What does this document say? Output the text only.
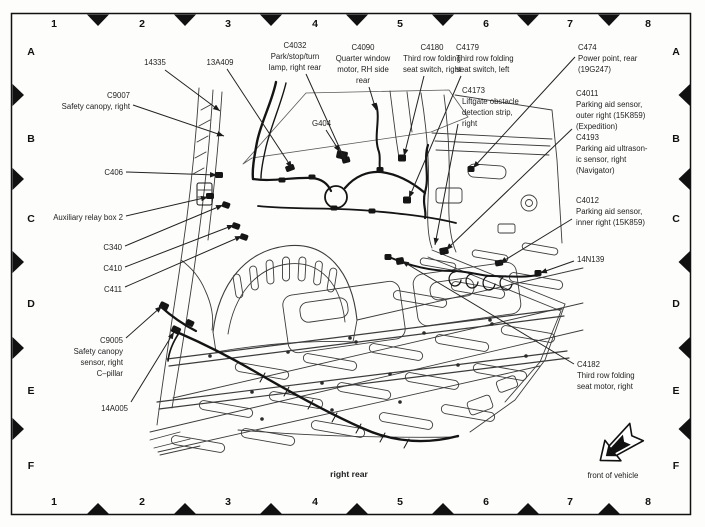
1
1
2
2
3
3
4
4
5
5
6
6
7
7
8
8
A	A
B	B
C	C
D	D
E	E
F	F
14335	13A409
C4032
Park/stop/turn
lamp, right rear
C4090
Quarter window
motor, RH side
rear
C4180
Third row folding
seat switch, right
C4179
Third row folding
seat switch, left
C4173
Liftgate obstacle
detection strip,
right
C474
Power point, rear
(19G247)
C4011
Parking aid sensor,
outer right (15K859)
(Expedition)
C4193
Parking aid ultrason-
ic sensor, right
(Navigator)
C4012
Parking aid sensor,
inner right (15K859)
14N139
C4182
Third row folding
seat motor, right
C9007
Safety canopy, right
C406
Auxiliary relay box 2
C340
C410
C411
C9005
Safety canopy
sensor, right
C–pillar
14A005
G404
right rear	front of vehicle
